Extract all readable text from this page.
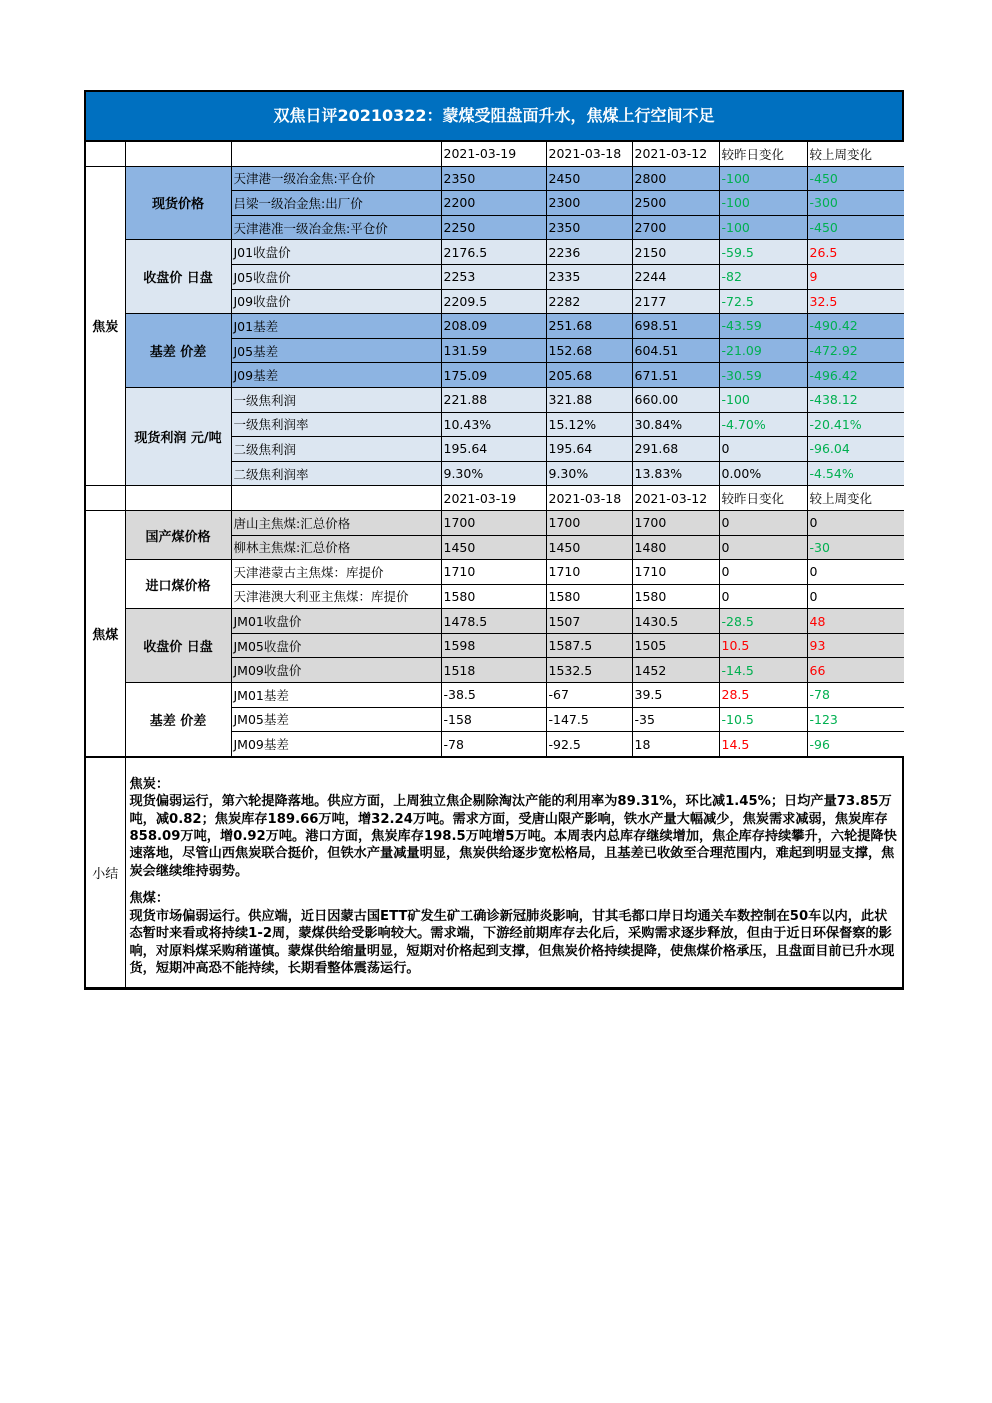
双焦日评20210322：蒙煤受阻盘面升水，焦煤上行空间不足
			2021-03-19	2021-03-18	2021-03-12	较昨日变化	较上周变化
焦炭	现货价格	天津港一级冶金焦:平仓价	2350	2450	2800	-100	-450
		吕梁一级冶金焦:出厂价	2200	2300	2500	-100	-300
		天津港准一级冶金焦:平仓价	2250	2350	2700	-100	-450
	收盘价 日盘	J01收盘价	2176.5	2236	2150	-59.5	26.5
		J05收盘价	2253	2335	2244	-82	9
		J09收盘价	2209.5	2282	2177	-72.5	32.5
	基差 价差	J01基差	208.09	251.68	698.51	-43.59	-490.42
		J05基差	131.59	152.68	604.51	-21.09	-472.92
		J09基差	175.09	205.68	671.51	-30.59	-496.42
	现货利润 元/吨	一级焦利润	221.88	321.88	660.00	-100	-438.12
		一级焦利润率	10.43%	15.12%	30.84%	-4.70%	-20.41%
		二级焦利润	195.64	195.64	291.68	0	-96.04
		二级焦利润率	9.30%	9.30%	13.83%	0.00%	-4.54%
			2021-03-19	2021-03-18	2021-03-12	较昨日变化	较上周变化
焦煤	国产煤价格	唐山主焦煤:汇总价格	1700	1700	1700	0	0
		柳林主焦煤:汇总价格	1450	1450	1480	0	-30
	进口煤价格	天津港蒙古主焦煤：库提价	1710	1710	1710	0	0
		天津港澳大利亚主焦煤：库提价	1580	1580	1580	0	0
	收盘价 日盘	JM01收盘价	1478.5	1507	1430.5	-28.5	48
		JM05收盘价	1598	1587.5	1505	10.5	93
		JM09收盘价	1518	1532.5	1452	-14.5	66
	基差 价差	JM01基差	-38.5	-67	39.5	28.5	-78
		JM05基差	-158	-147.5	-35	-10.5	-123
		JM09基差	-78	-92.5	18	14.5	-96
小结	

焦炭：

现货偏弱运行，第六轮提降落地。供应方面，上周独立焦企剔除淘汰产能的利用率为89.31%，环比减1.45%；日均产量73.85万吨，减0.82；焦炭库存189.66万吨，增32.24万吨。需求方面，受唐山限产影响，铁水产量大幅减少，焦炭需求减弱，焦炭库存858.09万吨，增0.92万吨。港口方面，焦炭库存198.5万吨增5万吨。本周表内总库存继续增加，焦企库存持续攀升，六轮提降快速落地，尽管山西焦炭联合挺价，但铁水产量减量明显，焦炭供给逐步宽松格局，且基差已收敛至合理范围内，难起到明显支撑，焦炭会继续维持弱势。

焦煤：

现货市场偏弱运行。供应端，近日因蒙古国ETT矿发生矿工确诊新冠肺炎影响，甘其毛都口岸日均通关车数控制在50车以内，此状态暂时来看或将持续1-2周，蒙煤供给受影响较大。需求端，下游经前期库存去化后，采购需求逐步释放，但由于近日环保督察的影响，对原料煤采购稍谨慎。蒙煤供给缩量明显，短期对价格起到支撑，但焦炭价格持续提降，使焦煤价格承压，且盘面目前已升水现货，短期冲高恐不能持续，长期看整体震荡运行。
